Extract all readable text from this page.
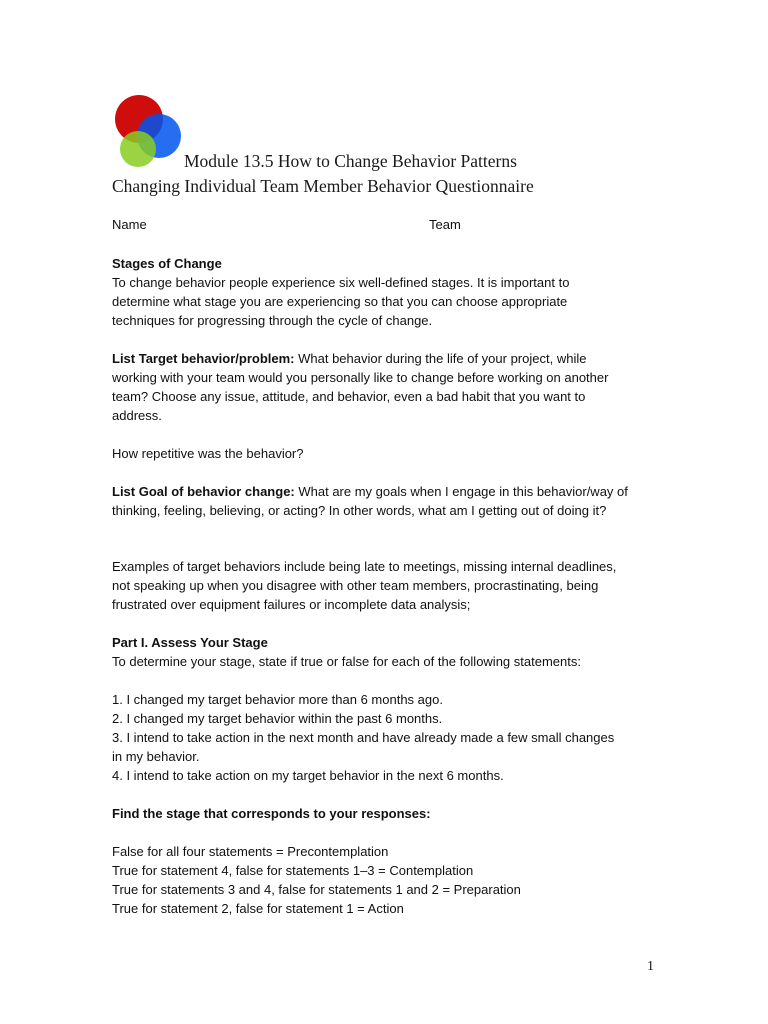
Module 13.5 How to Change Behavior Patterns
Changing Individual Team Member Behavior Questionnaire
Name	Team
Stages of Change
To change behavior people experience six well-defined stages. It is important to
determine what stage you are experiencing so that you can choose appropriate
techniques for progressing through the cycle of change.
List Target behavior/problem: What behavior during the life of your project, while
working with your team would you personally like to change before working on another
team? Choose any issue, attitude, and behavior, even a bad habit that you want to
address.
How repetitive was the behavior?
List Goal of behavior change: What are my goals when I engage in this behavior/way of
thinking, feeling, believing, or acting? In other words, what am I getting out of doing it?
Examples of target behaviors include being late to meetings, missing internal deadlines,
not speaking up when you disagree with other team members, procrastinating, being
frustrated over equipment failures or incomplete data analysis;
Part I. Assess Your Stage
To determine your stage, state if true or false for each of the following statements:
1. I changed my target behavior more than 6 months ago.
2. I changed my target behavior within the past 6 months.
3. I intend to take action in the next month and have already made a few small changes
in my behavior.
4. I intend to take action on my target behavior in the next 6 months.
Find the stage that corresponds to your responses:
False for all four statements = Precontemplation
True for statement 4, false for statements 1–3 = Contemplation
True for statements 3 and 4, false for statements 1 and 2 = Preparation
True for statement 2, false for statement 1 = Action
1
